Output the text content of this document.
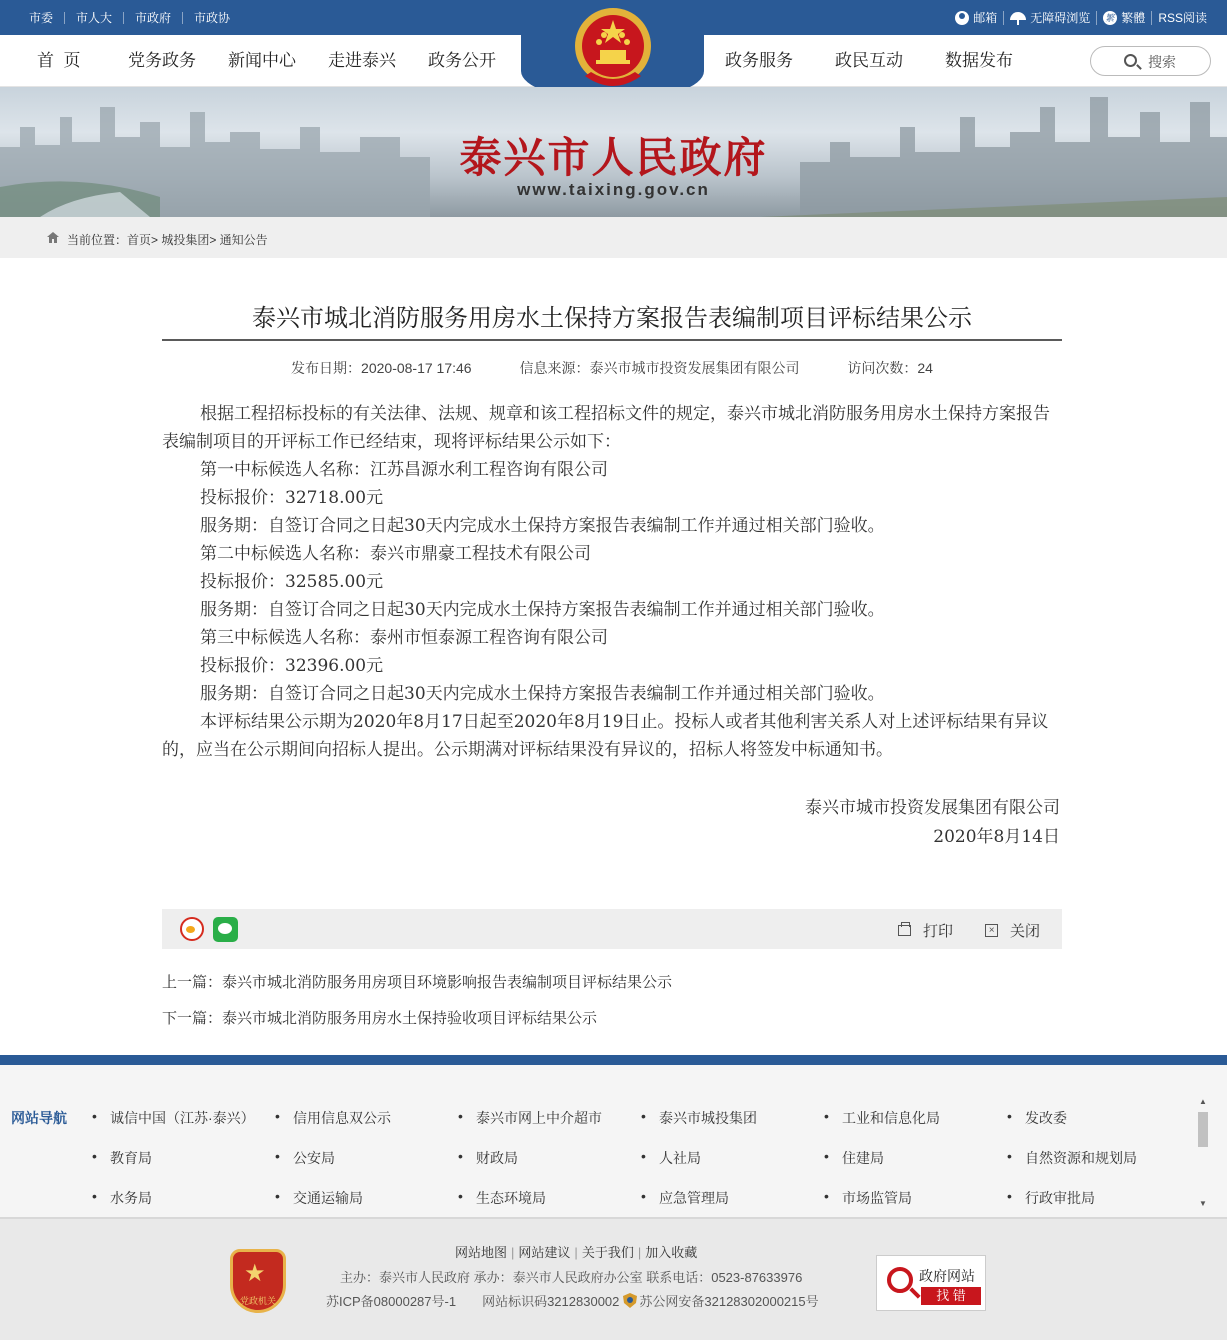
市委	市人大	市政府	市政协	邮箱	无障碍浏览 繁	繁體 RSS阅读
首  页	党务政务 新闻中心 走进泰兴 政务公开	政务服务 政民互动 数据发布	搜索
泰兴市人民政府
www.taixing.gov.cn
当前位置：首页> 城投集团> 通知公告
泰兴市城北消防服务用房水土保持方案报告表编制项目评标结果公示
发布日期：2020-08-17 17:46	信息来源：泰兴市城市投资发展集团有限公司	访问次数：24

根据工程招标投标的有关法律、法规、规章和该工程招标文件的规定，泰兴市城北消防服务用房水土保持方案报告表编制项目的开评标工作已经结束，现将评标结果公示如下：

第一中标候选人名称：江苏昌源水利工程咨询有限公司

投标报价：32718.00元

服务期：自签订合同之日起30天内完成水土保持方案报告表编制工作并通过相关部门验收。

第二中标候选人名称：泰兴市鼎豪工程技术有限公司

投标报价：32585.00元

服务期：自签订合同之日起30天内完成水土保持方案报告表编制工作并通过相关部门验收。

第三中标候选人名称：泰州市恒泰源工程咨询有限公司

投标报价：32396.00元

服务期：自签订合同之日起30天内完成水土保持方案报告表编制工作并通过相关部门验收。

本评标结果公示期为2020年8月17日起至2020年8月19日止。投标人或者其他利害关系人对上述评标结果有异议的，应当在公示期间向招标人提出。公示期满对评标结果没有异议的，招标人将签发中标通知书。

泰兴市城市投资发展集团有限公司
2020年8月14日
打印	× 关闭
上一篇：泰兴市城北消防服务用房项目环境影响报告表编制项目评标结果公示
下一篇：泰兴市城北消防服务用房水土保持验收项目评标结果公示
网站导航	• 诚信中国（江苏·泰兴）	• 信用信息双公示	• 泰兴市网上中介超市	• 泰兴市城投集团	• 工业和信息化局	• 发改委
• 教育局	• 公安局	• 财政局	• 人社局	• 住建局	• 自然资源和规划局
• 水务局	• 交通运输局	• 生态环境局	• 应急管理局	• 市场监管局	• 行政审批局
▲
▼
★
党政机关
网站地图 | 网站建议 | 关于我们 | 加入收藏
主办：泰兴市人民政府 承办：泰兴市人民政府办公室 联系电话：0523-87633976
苏ICP备08000287号-1 网站标识码3212830002 苏公网安备32128302000215号
政府网站
找 错
